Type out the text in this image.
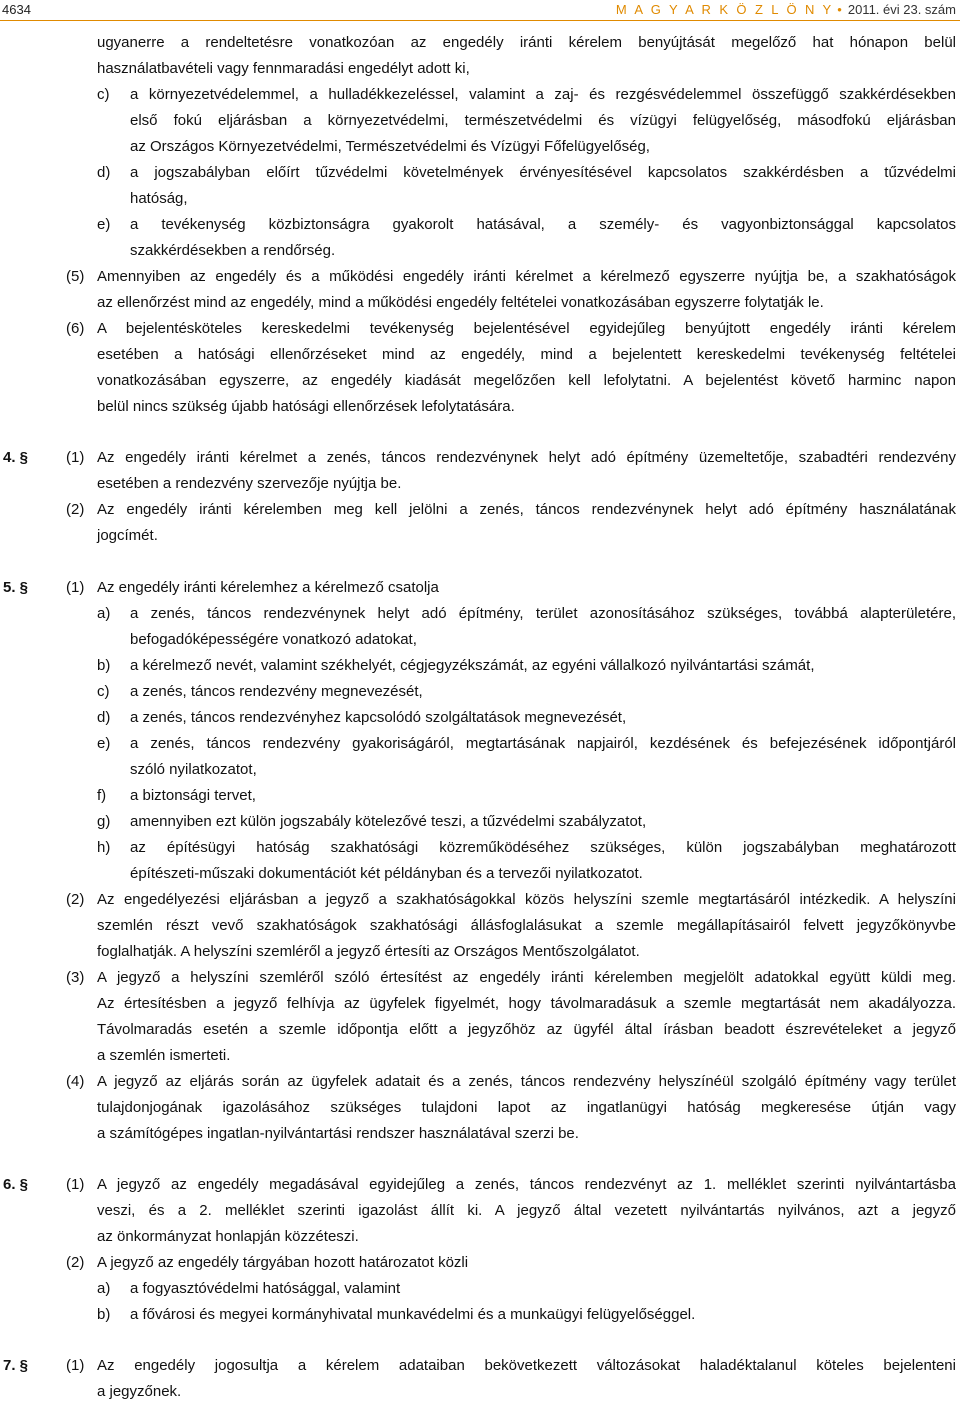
4634	M A G Y A R K Ö Z L Ö N Y • 2011. évi 23. szám
ugyanerre a rendeltetésre vonatkozóan az engedély iránti kérelem benyújtását megelőző hat hónapon belül
használatbavételi vagy fennmaradási engedélyt adott ki,
c) a környezetvédelemmel, a hulladékkezeléssel, valamint a zaj- és rezgésvédelemmel összefüggő szakkérdésekben
első fokú eljárásban a környezetvédelmi, természetvédelmi és vízügyi felügyelőség, másodfokú eljárásban
az Országos Környezetvédelmi, Természetvédelmi és Vízügyi Főfelügyelőség,
d) a jogszabályban előírt tűzvédelmi követelmények érvényesítésével kapcsolatos szakkérdésben a tűzvédelmi
hatóság,
e) a tevékenység közbiztonságra gyakorolt hatásával, a személy- és vagyonbiztonsággal kapcsolatos
szakkérdésekben a rendőrség.
(5) Amennyiben az engedély és a működési engedély iránti kérelmet a kérelmező egyszerre nyújtja be, a szakhatóságok
az ellenőrzést mind az engedély, mind a működési engedély feltételei vonatkozásában egyszerre folytatják le.
(6) A bejelentésköteles kereskedelmi tevékenység bejelentésével egyidejűleg benyújtott engedély iránti kérelem
esetében a hatósági ellenőrzéseket mind az engedély, mind a bejelentett kereskedelmi tevékenység feltételei
vonatkozásában egyszerre, az engedély kiadását megelőzően kell lefolytatni. A bejelentést követő harminc napon
belül nincs szükség újabb hatósági ellenőrzések lefolytatására.
4. §	(1) Az engedély iránti kérelmet a zenés, táncos rendezvénynek helyt adó építmény üzemeltetője, szabadtéri rendezvény
esetében a rendezvény szervezője nyújtja be.
(2) Az engedély iránti kérelemben meg kell jelölni a zenés, táncos rendezvénynek helyt adó építmény használatának
jogcímét.
5. §	(1) Az engedély iránti kérelemhez a kérelmező csatolja
a) a zenés, táncos rendezvénynek helyt adó építmény, terület azonosításához szükséges, továbbá alapterületére,
befogadóképességére vonatkozó adatokat,
b) a kérelmező nevét, valamint székhelyét, cégjegyzékszámát, az egyéni vállalkozó nyilvántartási számát,
c) a zenés, táncos rendezvény megnevezését,
d) a zenés, táncos rendezvényhez kapcsolódó szolgáltatások megnevezését,
e) a zenés, táncos rendezvény gyakoriságáról, megtartásának napjairól, kezdésének és befejezésének időpontjáról
szóló nyilatkozatot,
f) a biztonsági tervet,
g) amennyiben ezt külön jogszabály kötelezővé teszi, a tűzvédelmi szabályzatot,
h) az építésügyi hatóság szakhatósági közreműködéséhez szükséges, külön jogszabályban meghatározott
építészeti-műszaki dokumentációt két példányban és a tervezői nyilatkozatot.
(2) Az engedélyezési eljárásban a jegyző a szakhatóságokkal közös helyszíni szemle megtartásáról intézkedik. A helyszíni
szemlén részt vevő szakhatóságok szakhatósági állásfoglalásukat a szemle megállapításairól felvett jegyzőkönyvbe
foglalhatják. A helyszíni szemléről a jegyző értesíti az Országos Mentőszolgálatot.
(3) A jegyző a helyszíni szemléről szóló értesítést az engedély iránti kérelemben megjelölt adatokkal együtt küldi meg.
Az értesítésben a jegyző felhívja az ügyfelek figyelmét, hogy távolmaradásuk a szemle megtartását nem akadályozza.
Távolmaradás esetén a szemle időpontja előtt a jegyzőhöz az ügyfél által írásban beadott észrevételeket a jegyző
a szemlén ismerteti.
(4) A jegyző az eljárás során az ügyfelek adatait és a zenés, táncos rendezvény helyszínéül szolgáló építmény vagy terület
tulajdonjogának igazolásához szükséges tulajdoni lapot az ingatlanügyi hatóság megkeresése útján vagy
a számítógépes ingatlan-nyilvántartási rendszer használatával szerzi be.
6. §	(1) A jegyző az engedély megadásával egyidejűleg a zenés, táncos rendezvényt az 1. melléklet szerinti nyilvántartásba
veszi, és a 2. melléklet szerinti igazolást állít ki. A jegyző által vezetett nyilvántartás nyilvános, azt a jegyző
az önkormányzat honlapján közzéteszi.
(2) A jegyző az engedély tárgyában hozott határozatot közli
a) a fogyasztóvédelmi hatósággal, valamint
b) a fővárosi és megyei kormányhivatal munkavédelmi és a munkaügyi felügyelőséggel.
7. §	(1) Az engedély jogosultja a kérelem adataiban bekövetkezett változásokat haladéktalanul köteles bejelenteni
a jegyzőnek.
